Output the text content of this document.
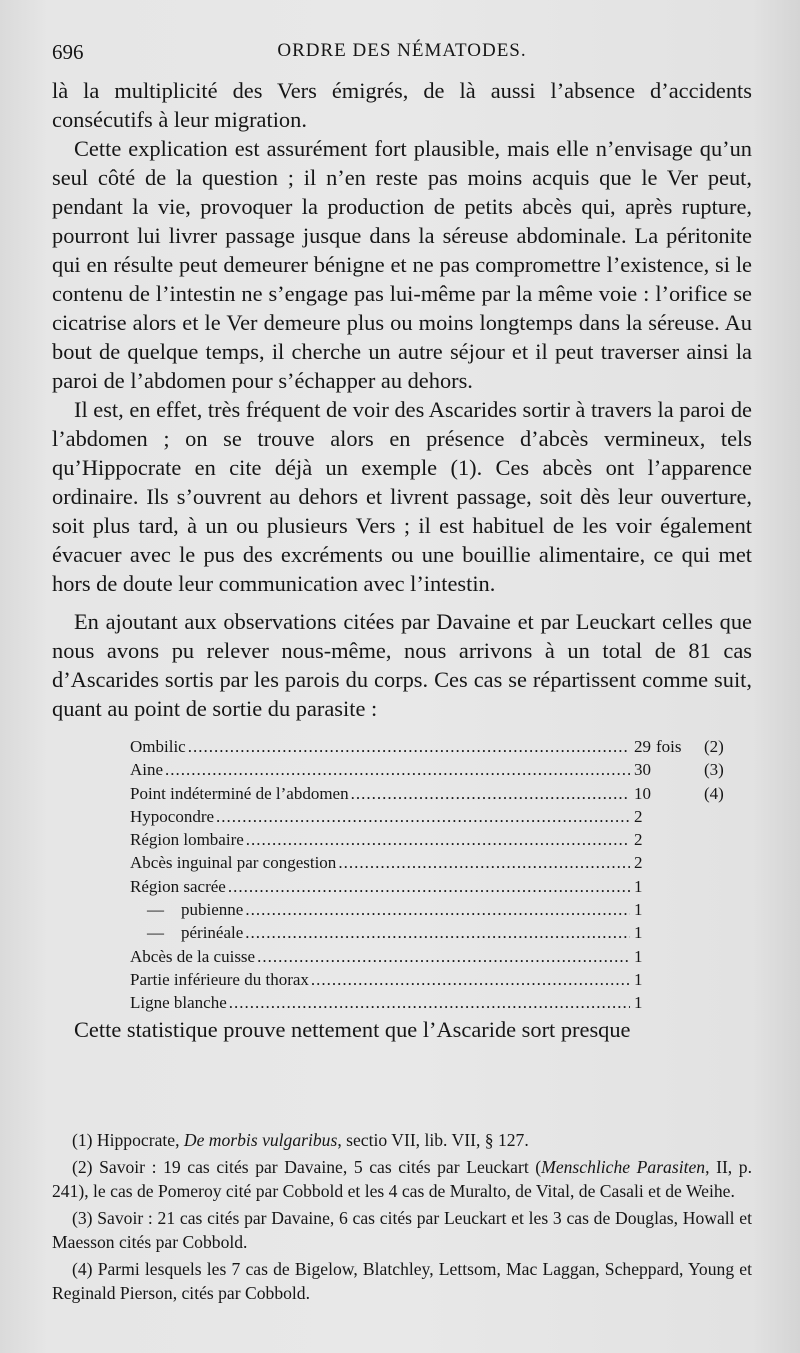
696	ORDRE DES NÉMATODES.

là la multiplicité des Vers émigrés, de là aussi l’absence d’accidents consécutifs à leur migration.

Cette explication est assurément fort plausible, mais elle n’envisage qu’un seul côté de la question ; il n’en reste pas moins acquis que le Ver peut, pendant la vie, provoquer la production de petits abcès qui, après rupture, pourront lui livrer passage jusque dans la séreuse abdominale. La péritonite qui en résulte peut demeurer bénigne et ne pas compromettre l’existence, si le contenu de l’intestin ne s’engage pas lui-même par la même voie : l’orifice se cicatrise alors et le Ver demeure plus ou moins longtemps dans la séreuse. Au bout de quelque temps, il cherche un autre séjour et il peut traverser ainsi la paroi de l’abdomen pour s’échapper au dehors.

Il est, en effet, très fréquent de voir des Ascarides sortir à travers la paroi de l’abdomen ; on se trouve alors en présence d’abcès vermineux, tels qu’Hippocrate en cite déjà un exemple (1). Ces abcès ont l’apparence ordinaire. Ils s’ouvrent au dehors et livrent passage, soit dès leur ouverture, soit plus tard, à un ou plusieurs Vers ; il est habituel de les voir également évacuer avec le pus des excréments ou une bouillie alimentaire, ce qui met hors de doute leur communication avec l’intestin.

En ajoutant aux observations citées par Davaine et par Leuckart celles que nous avons pu relever nous-même, nous arrivons à un total de 81 cas d’Ascarides sortis par les parois du corps. Ces cas se répartissent comme suit, quant au point de sortie du parasite :

Ombilic .....	29 fois	(2)
Aine .....	30	(3)
Point indéterminé de l’abdomen .....	10	(4)
Hypocondre .....	2
Région lombaire .....	2
Abcès inguinal par congestion .....	2
Région sacrée .....	1
—    pubienne .....	1
—    périnéale .....	1
Abcès de la cuisse .....	1
Partie inférieure du thorax .....	1
Ligne blanche .....	1

Cette statistique prouve nettement que l’Ascaride sort presque

(1) Hippocrate, De morbis vulgaribus, sectio VII, lib. VII, § 127.

(2) Savoir : 19 cas cités par Davaine, 5 cas cités par Leuckart (Menschliche Parasiten, II, p. 241), le cas de Pomeroy cité par Cobbold et les 4 cas de Muralto, de Vital, de Casali et de Weihe.

(3) Savoir : 21 cas cités par Davaine, 6 cas cités par Leuckart et les 3 cas de Douglas, Howall et Maesson cités par Cobbold.

(4) Parmi lesquels les 7 cas de Bigelow, Blatchley, Lettsom, Mac Laggan, Scheppard, Young et Reginald Pierson, cités par Cobbold.
